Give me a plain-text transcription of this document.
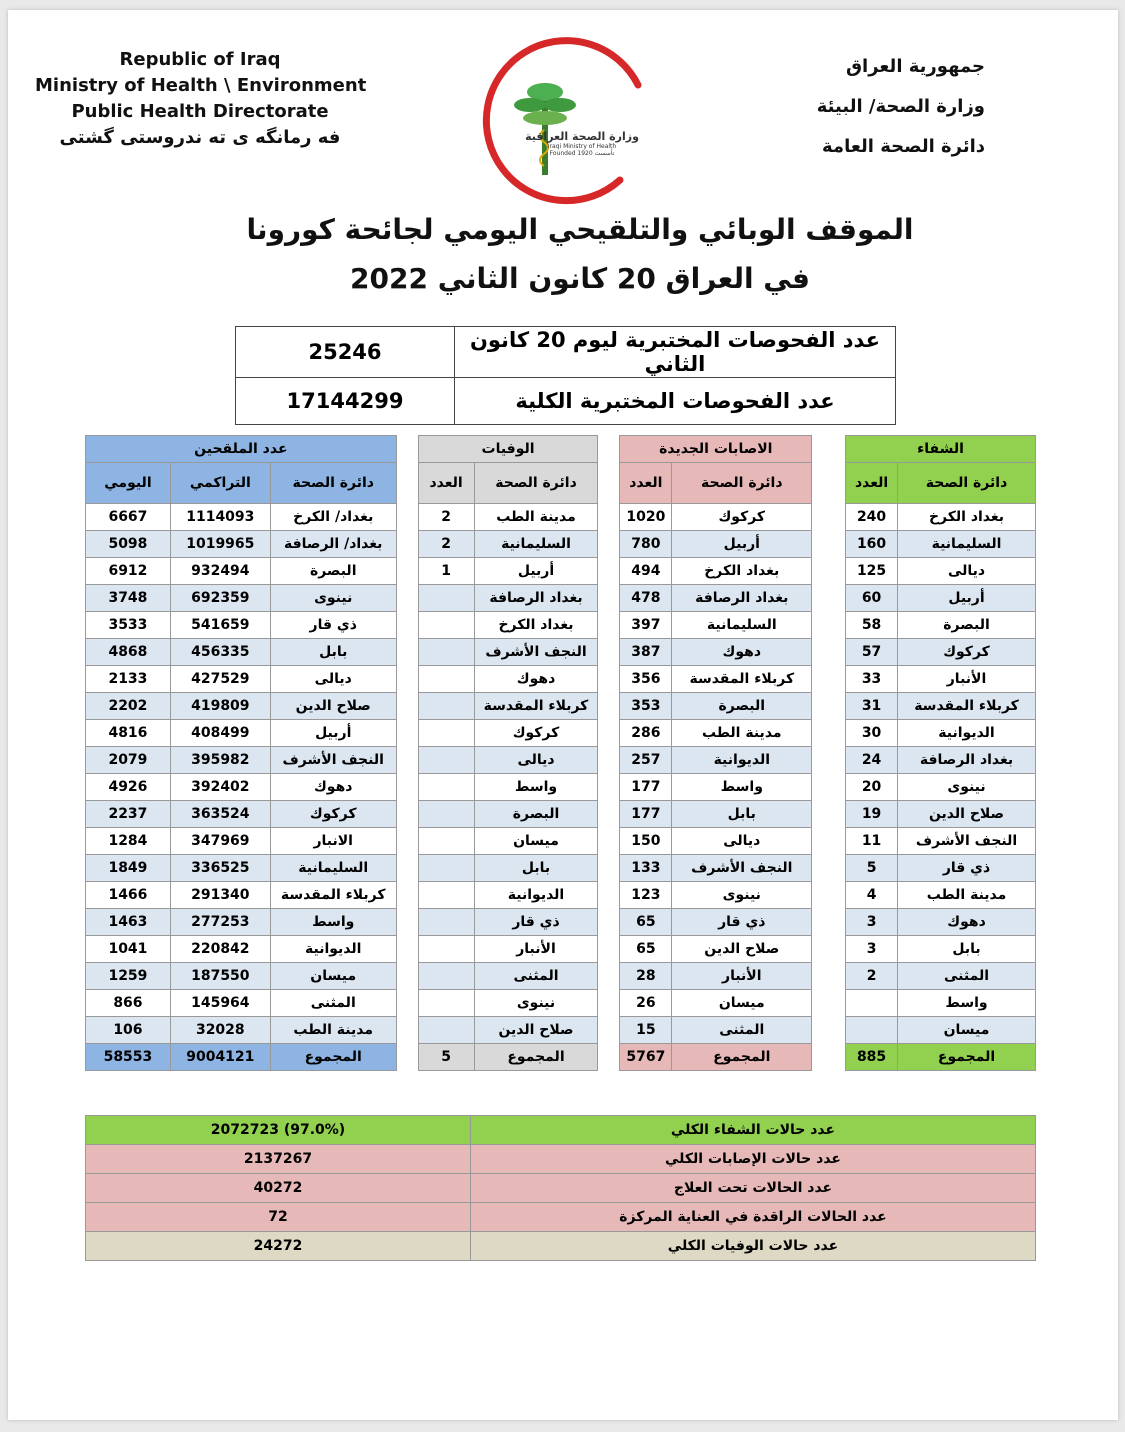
Republic of Iraq
Ministry of Health \ Environment
Public Health Directorate
فه رمانگه ی ته ندروستی گشتی
جمهورية العراق
وزارة الصحة/ البيئة
دائرة الصحة العامة
وزارة الصحة العراقية
Iraqi Ministry of Health
Founded 1920 تأسست
الموقف الوبائي والتلقيحي اليومي لجائحة كورونا
في العراق 20 كانون الثاني 2022
25246	عدد الفحوصات المختبرية ليوم 20 كانون الثاني
17144299	عدد الفحوصات المختبرية الكلية
عدد الملقحين				الوفيات			الاصابات الجديدة			الشفاء	
اليومي	التراكمي	دائرة الصحة		العدد	دائرة الصحة		العدد	دائرة الصحة		العدد	دائرة الصحة
6667	1114093	بغداد/ الكرخ		2	مدينة الطب		1020	كركوك		240	بغداد الكرخ
5098	1019965	بغداد/ الرصافة		2	السليمانية		780	أربيل		160	السليمانية
6912	932494	البصرة		1	أربيل		494	بغداد الكرخ		125	ديالى
3748	692359	نينوى			بغداد الرصافة		478	بغداد الرصافة		60	أربيل
3533	541659	ذي قار			بغداد الكرخ		397	السليمانية		58	البصرة
4868	456335	بابل			النجف الأشرف		387	دهوك		57	كركوك
2133	427529	ديالى			دهوك		356	كربلاء المقدسة		33	الأنبار
2202	419809	صلاح الدين			كربلاء المقدسة		353	البصرة		31	كربلاء المقدسة
4816	408499	أربيل			كركوك		286	مدينة الطب		30	الديوانية
2079	395982	النجف الأشرف			ديالى		257	الديوانية		24	بغداد الرصافة
4926	392402	دهوك			واسط		177	واسط		20	نينوى
2237	363524	كركوك			البصرة		177	بابل		19	صلاح الدين
1284	347969	الانبار			ميسان		150	ديالى		11	النجف الأشرف
1849	336525	السليمانية			بابل		133	النجف الأشرف		5	ذي قار
1466	291340	كربلاء المقدسة			الديوانية		123	نينوى		4	مدينة الطب
1463	277253	واسط			ذي قار		65	ذي قار		3	دهوك
1041	220842	الديوانية			الأنبار		65	صلاح الدين		3	بابل
1259	187550	ميسان			المثنى		28	الأنبار		2	المثنى
866	145964	المثنى			نينوى		26	ميسان			واسط
106	32028	مدينة الطب			صلاح الدين		15	المثنى			ميسان
58553	9004121	المجموع		5	المجموع		5767	المجموع		885	المجموع
2072723 (97.0%)	عدد حالات الشفاء الكلي
2137267	عدد حالات الإصابات الكلي
40272	عدد الحالات تحت العلاج
72	عدد الحالات الراقدة في العناية المركزة
24272	عدد حالات الوفيات الكلي
